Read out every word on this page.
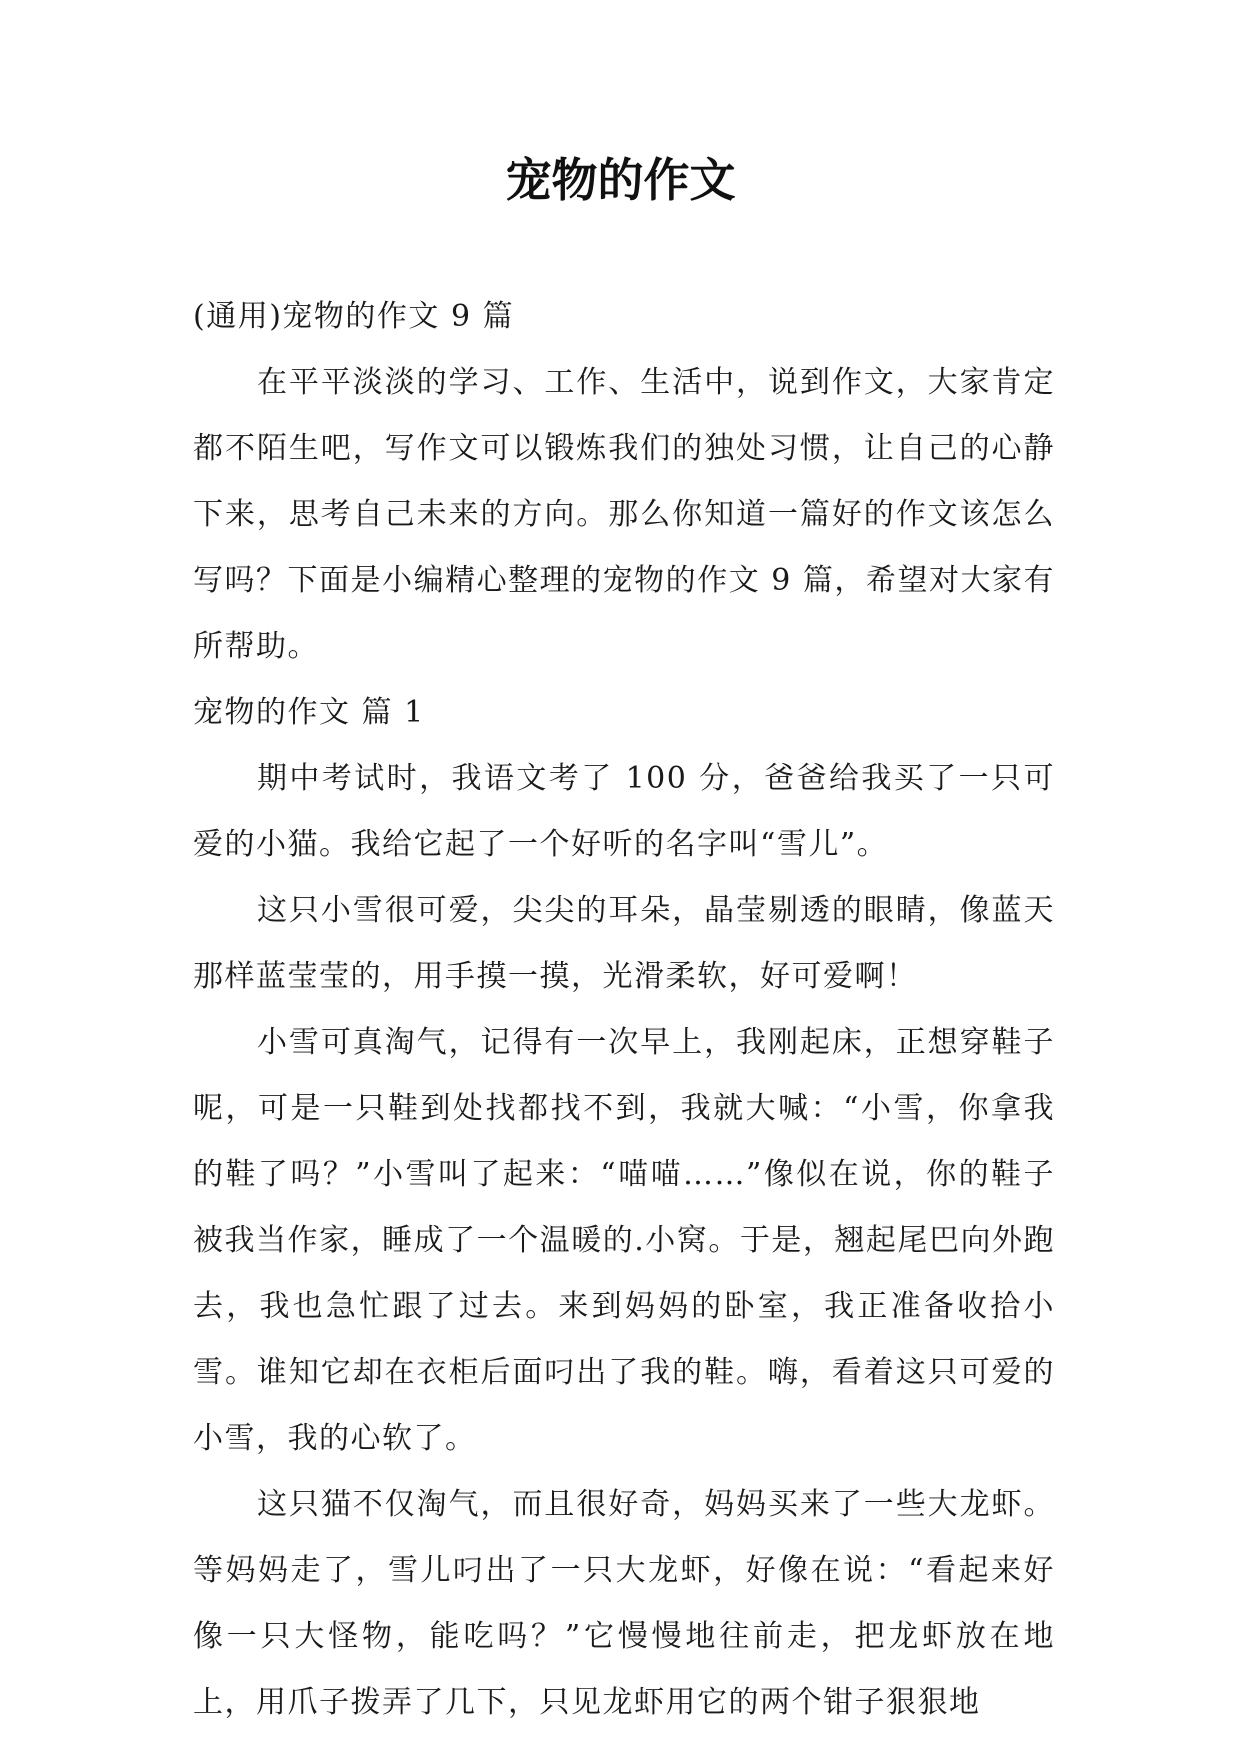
宠物的作文

(通用)宠物的作文 9 篇

在平平淡淡的学习、工作、生活中，说到作文，大家肯定都不陌生吧，写作文可以锻炼我们的独处习惯，让自己的心静下来，思考自己未来的方向。那么你知道一篇好的作文该怎么写吗？下面是小编精心整理的宠物的作文 9 篇，希望对大家有所帮助。

宠物的作文 篇 1

期中考试时，我语文考了 100 分，爸爸给我买了一只可爱的小猫。我给它起了一个好听的名字叫“雪儿”。

这只小雪很可爱，尖尖的耳朵，晶莹剔透的眼睛，像蓝天那样蓝莹莹的，用手摸一摸，光滑柔软，好可爱啊！

小雪可真淘气，记得有一次早上，我刚起床，正想穿鞋子呢，可是一只鞋到处找都找不到，我就大喊：“小雪，你拿我的鞋了吗？”小雪叫了起来：“喵喵……”像似在说，你的鞋子被我当作家，睡成了一个温暖的.小窝。于是，翘起尾巴向外跑去，我也急忙跟了过去。来到妈妈的卧室，我正准备收拾小雪。谁知它却在衣柜后面叼出了我的鞋。嗨，看着这只可爱的小雪，我的心软了。

这只猫不仅淘气，而且很好奇，妈妈买来了一些大龙虾。等妈妈走了，雪儿叼出了一只大龙虾，好像在说：“看起来好像一只大怪物，能吃吗？”它慢慢地往前走，把龙虾放在地上，用爪子拨弄了几下，只见龙虾用它的两个钳子狠狠地
